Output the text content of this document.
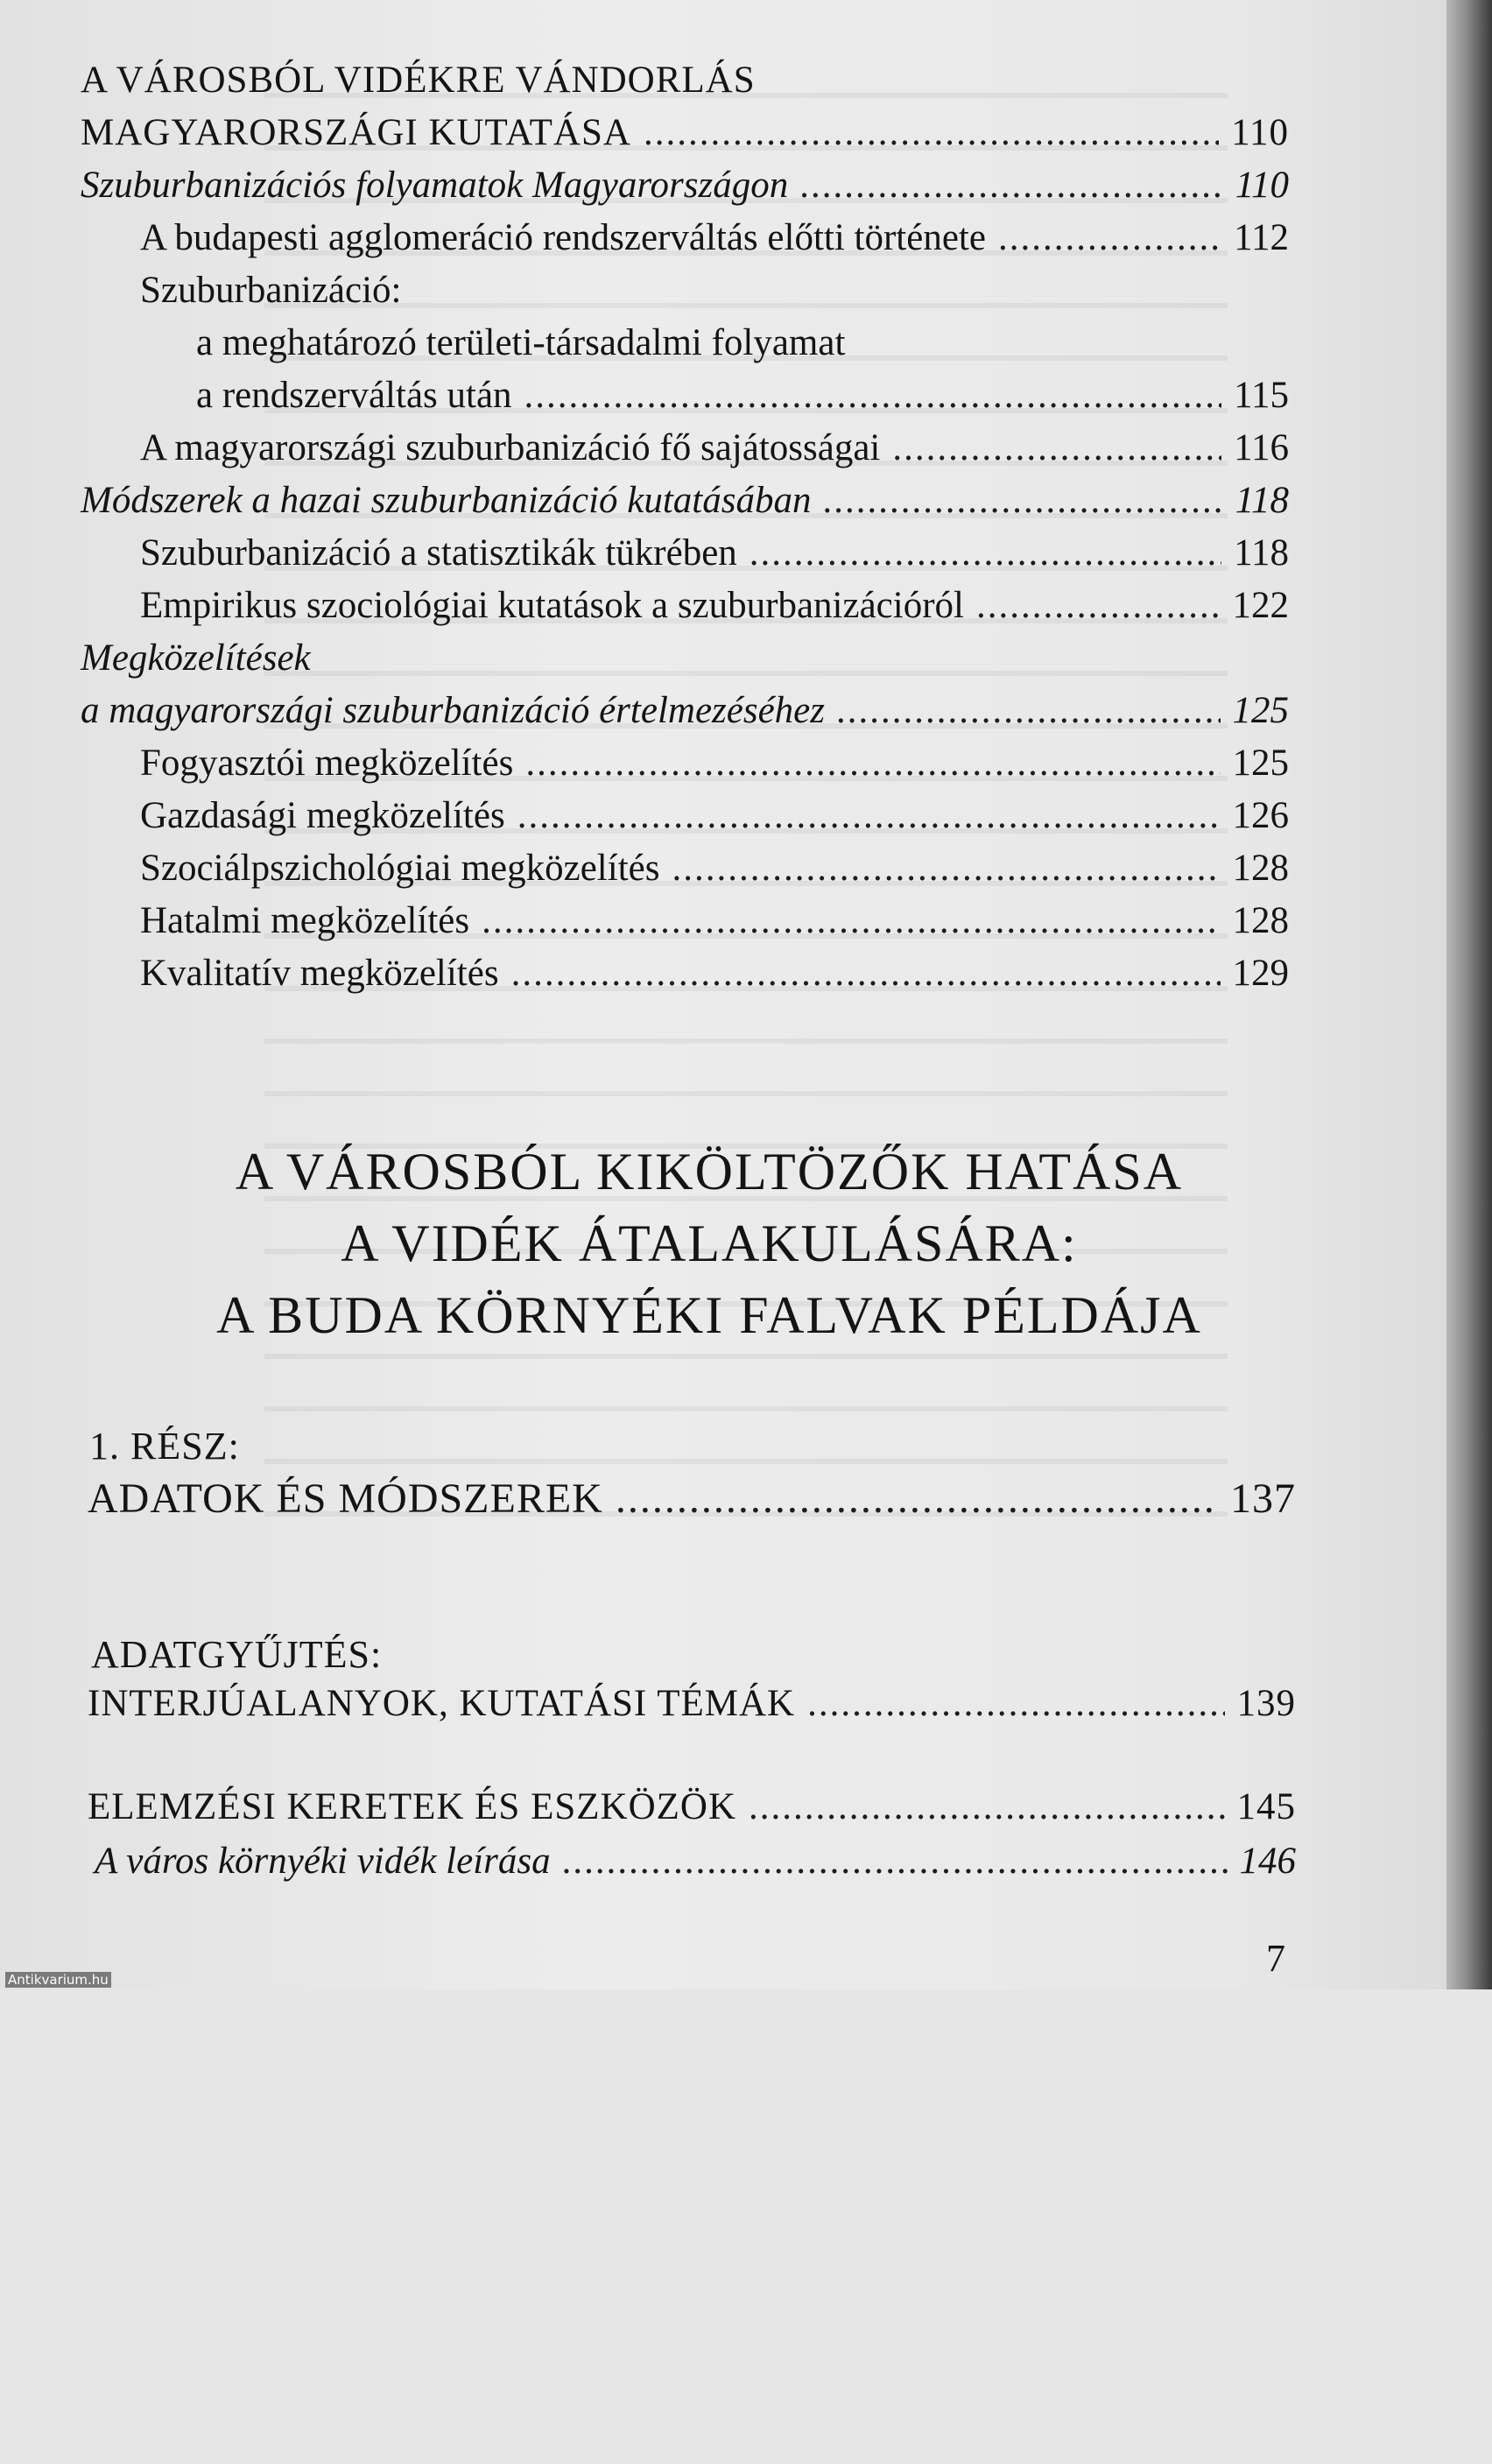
A VÁROSBÓL VIDÉKRE VÁNDORLÁS
MAGYARORSZÁGI KUTATÁSA .....	110
Szuburbanizációs folyamatok Magyarországon .....	110
A budapesti agglomeráció rendszerváltás előtti története .....	112
Szuburbanizáció:
a meghatározó területi-társadalmi folyamat
a rendszerváltás után .....	115
A magyarországi szuburbanizáció fő sajátosságai .....	116
Módszerek a hazai szuburbanizáció kutatásában .....	118
Szuburbanizáció a statisztikák tükrében .....	118
Empirikus szociológiai kutatások a szuburbanizációról .....	122
Megközelítések
a magyarországi szuburbanizáció értelmezéséhez .....	125
Fogyasztói megközelítés .....	125
Gazdasági megközelítés .....	126
Szociálpszichológiai megközelítés .....	128
Hatalmi megközelítés .....	128
Kvalitatív megközelítés .....	129
A VÁROSBÓL KIKÖLTÖZŐK HATÁSA
A VIDÉK ÁTALAKULÁSÁRA:
A BUDA KÖRNYÉKI FALVAK PÉLDÁJA
1. RÉSZ:
ADATOK ÉS MÓDSZEREK .....	137
ADATGYŰJTÉS:
INTERJÚALANYOK, KUTATÁSI TÉMÁK .....	139
ELEMZÉSI KERETEK ÉS ESZKÖZÖK .....	145
A város környéki vidék leírása .....	146
7
Antikvarium.hu
